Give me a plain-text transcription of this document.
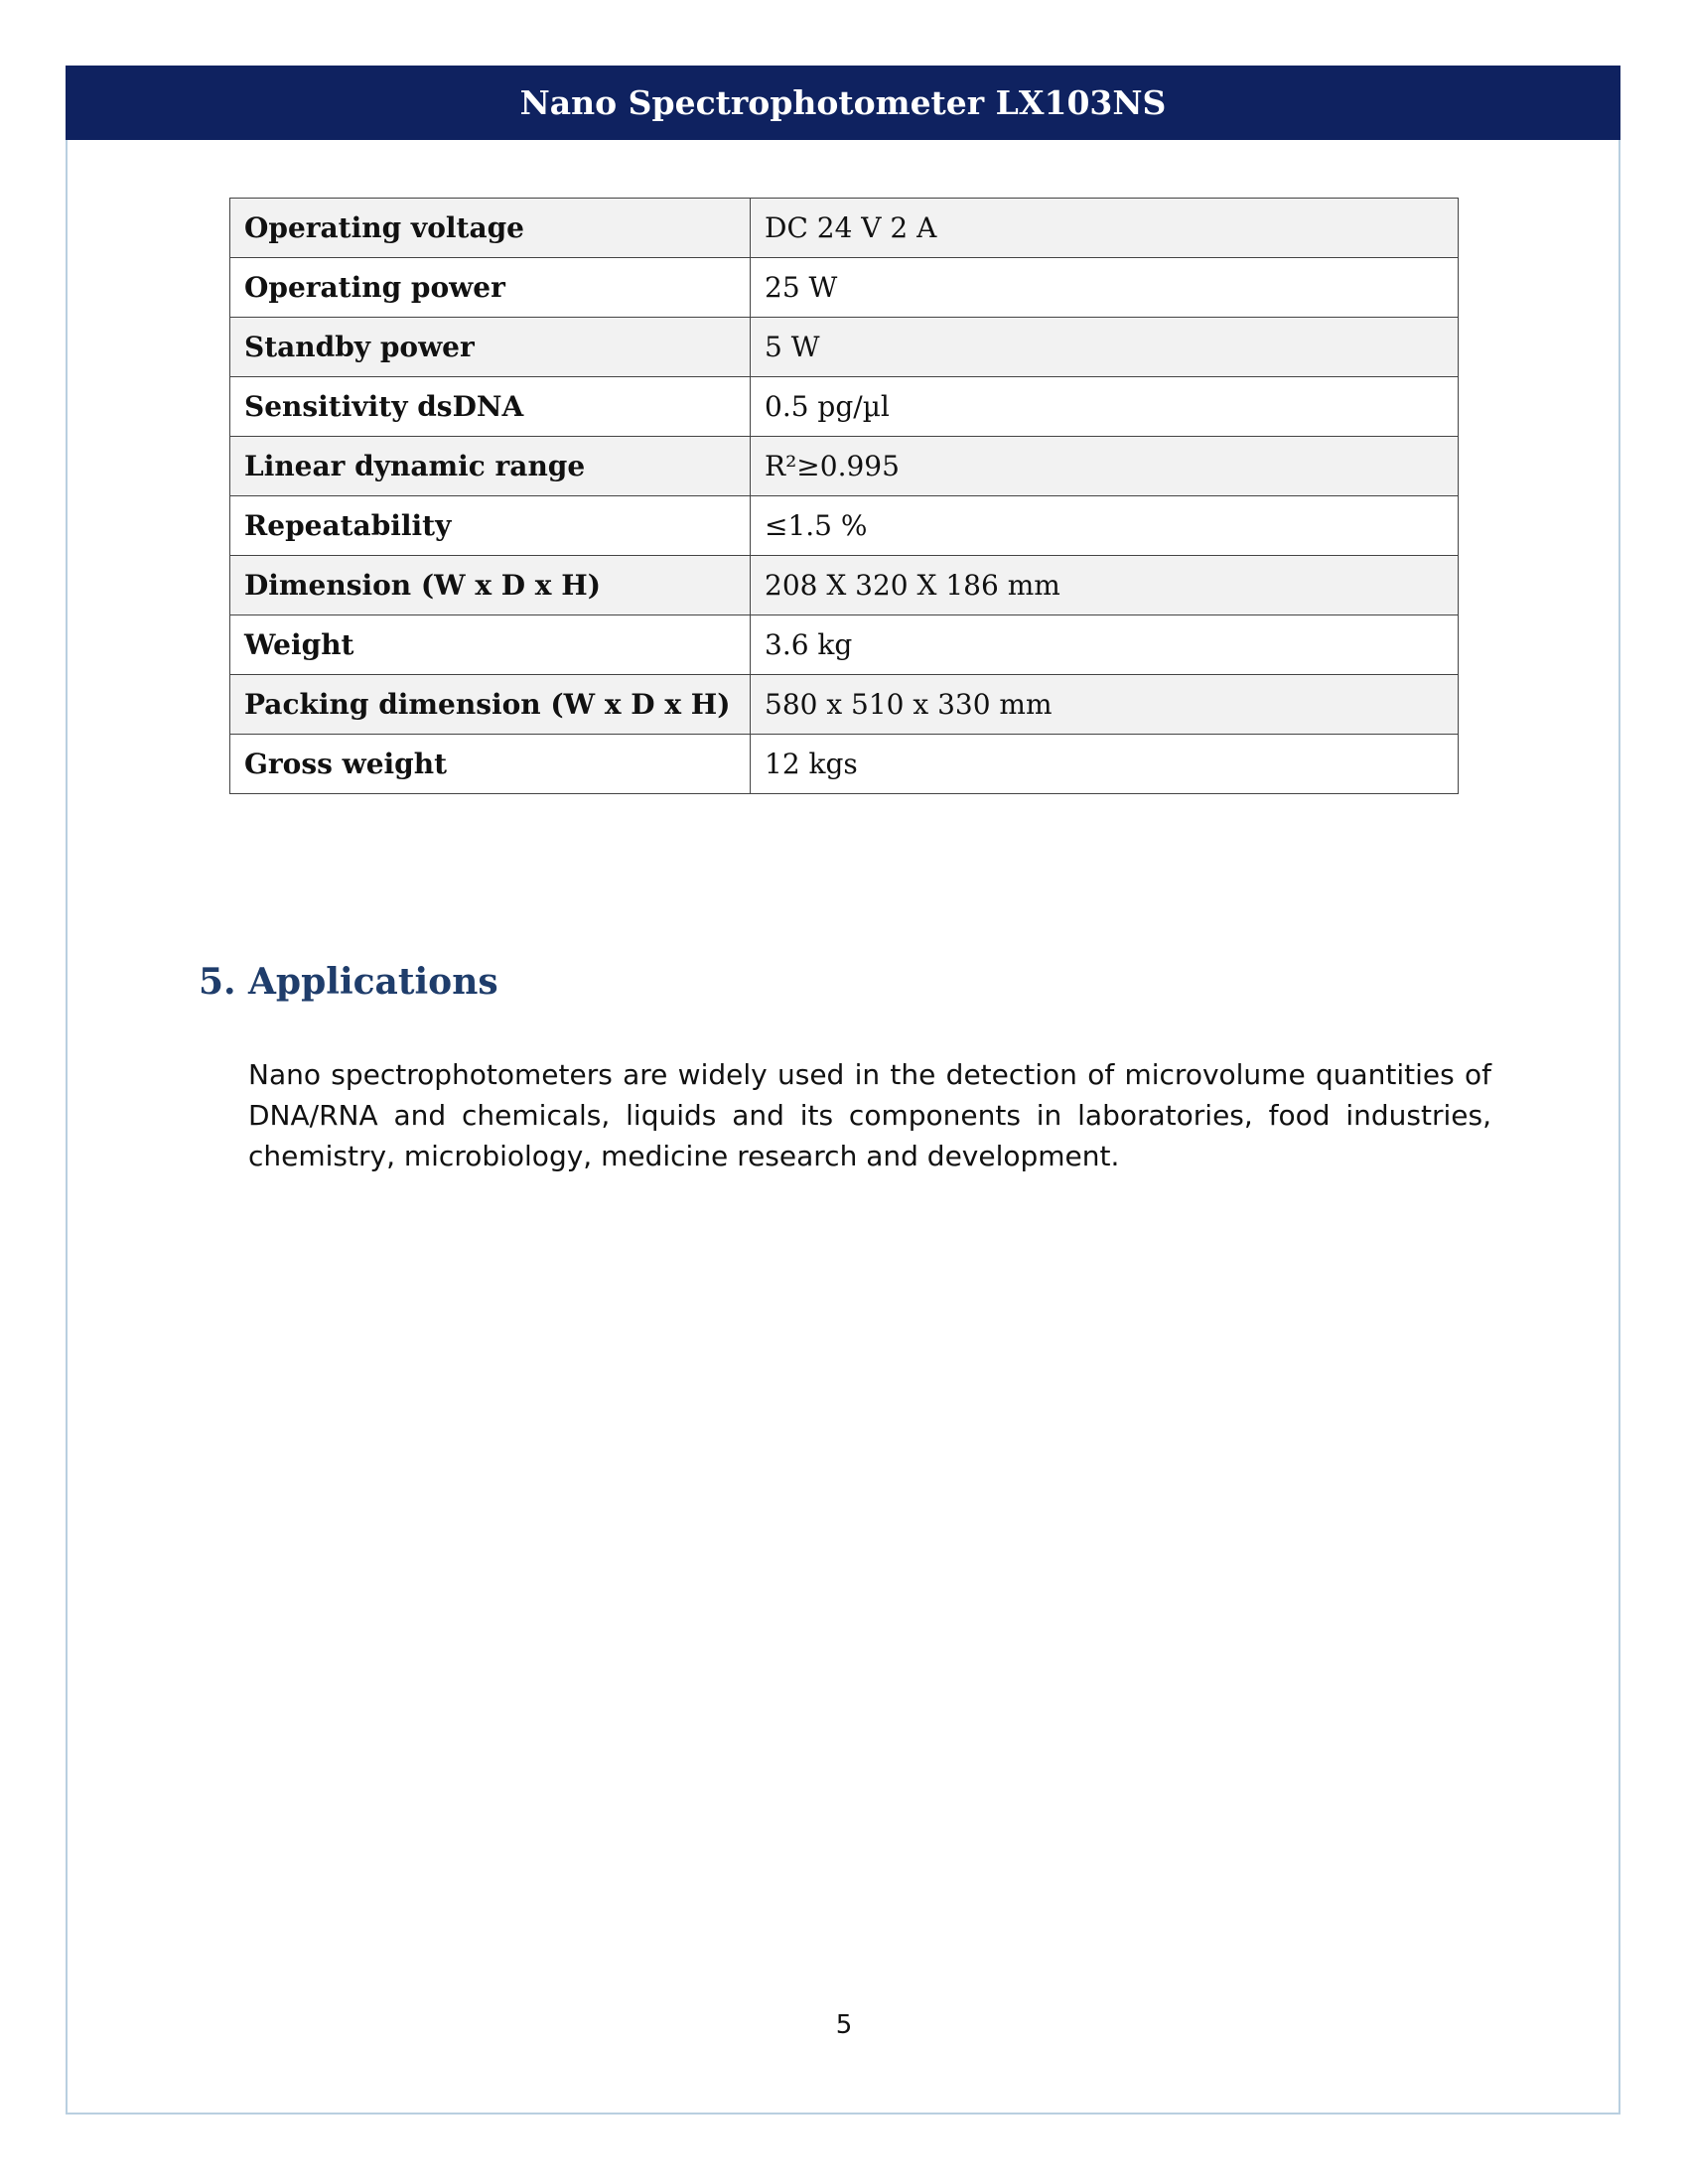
Nano Spectrophotometer LX103NS
Operating voltage	DC 24 V 2 A
Operating power	25 W
Standby power	5 W
Sensitivity dsDNA	0.5 pg/µl
Linear dynamic range	R²≥0.995
Repeatability	≤1.5 %
Dimension (W x D x H)	208 X 320 X 186 mm
Weight	3.6 kg
Packing dimension (W x D x H)	580 x 510 x 330 mm
Gross weight	12 kgs
5. Applications

Nano spectrophotometers are widely used in the detection of microvolume quantities of DNA/RNA and chemicals, liquids and its components in laboratories, food industries, chemistry, microbiology, medicine research and development.

5
